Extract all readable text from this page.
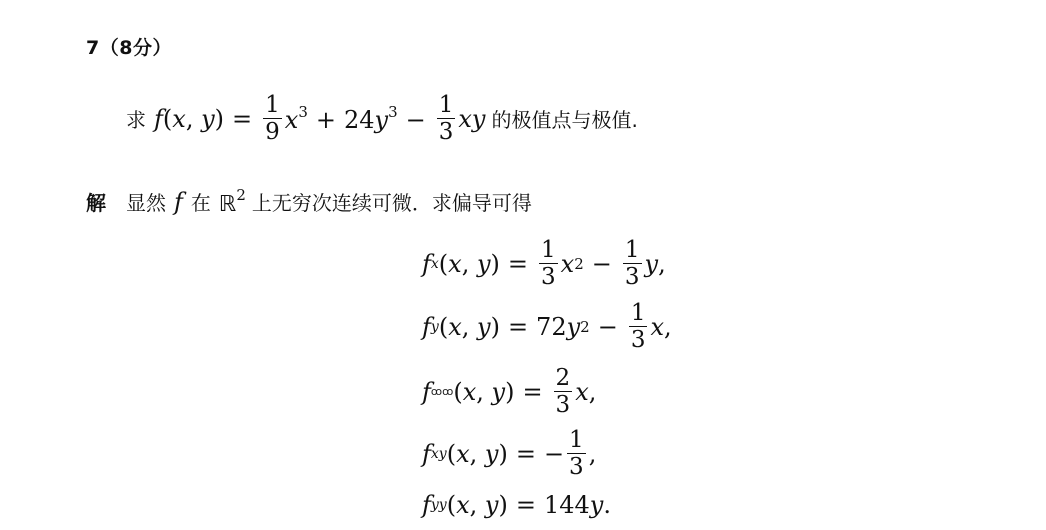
7（8分）
求 f(x, $y) = \frac{1}{9} x^3 + 24y^3 - \frac{1}{3}$ xy 的极值点与极值.
解 显然 f 在 ℝ$^2$ 上无穷次连续可微．求偏导可得
f x (x, $y) = \frac{1}{3}$ x $2 - \frac{1}{3} y$,
f y (x, y) = 72 y $2 - \frac{1}{3} x$,
f ꝏꝏ (x, $y) = \frac{2}{3} x$,
f xy (x, y) = − $\frac{1}{3}$ ,
f yy (x, y) = 144 y.
